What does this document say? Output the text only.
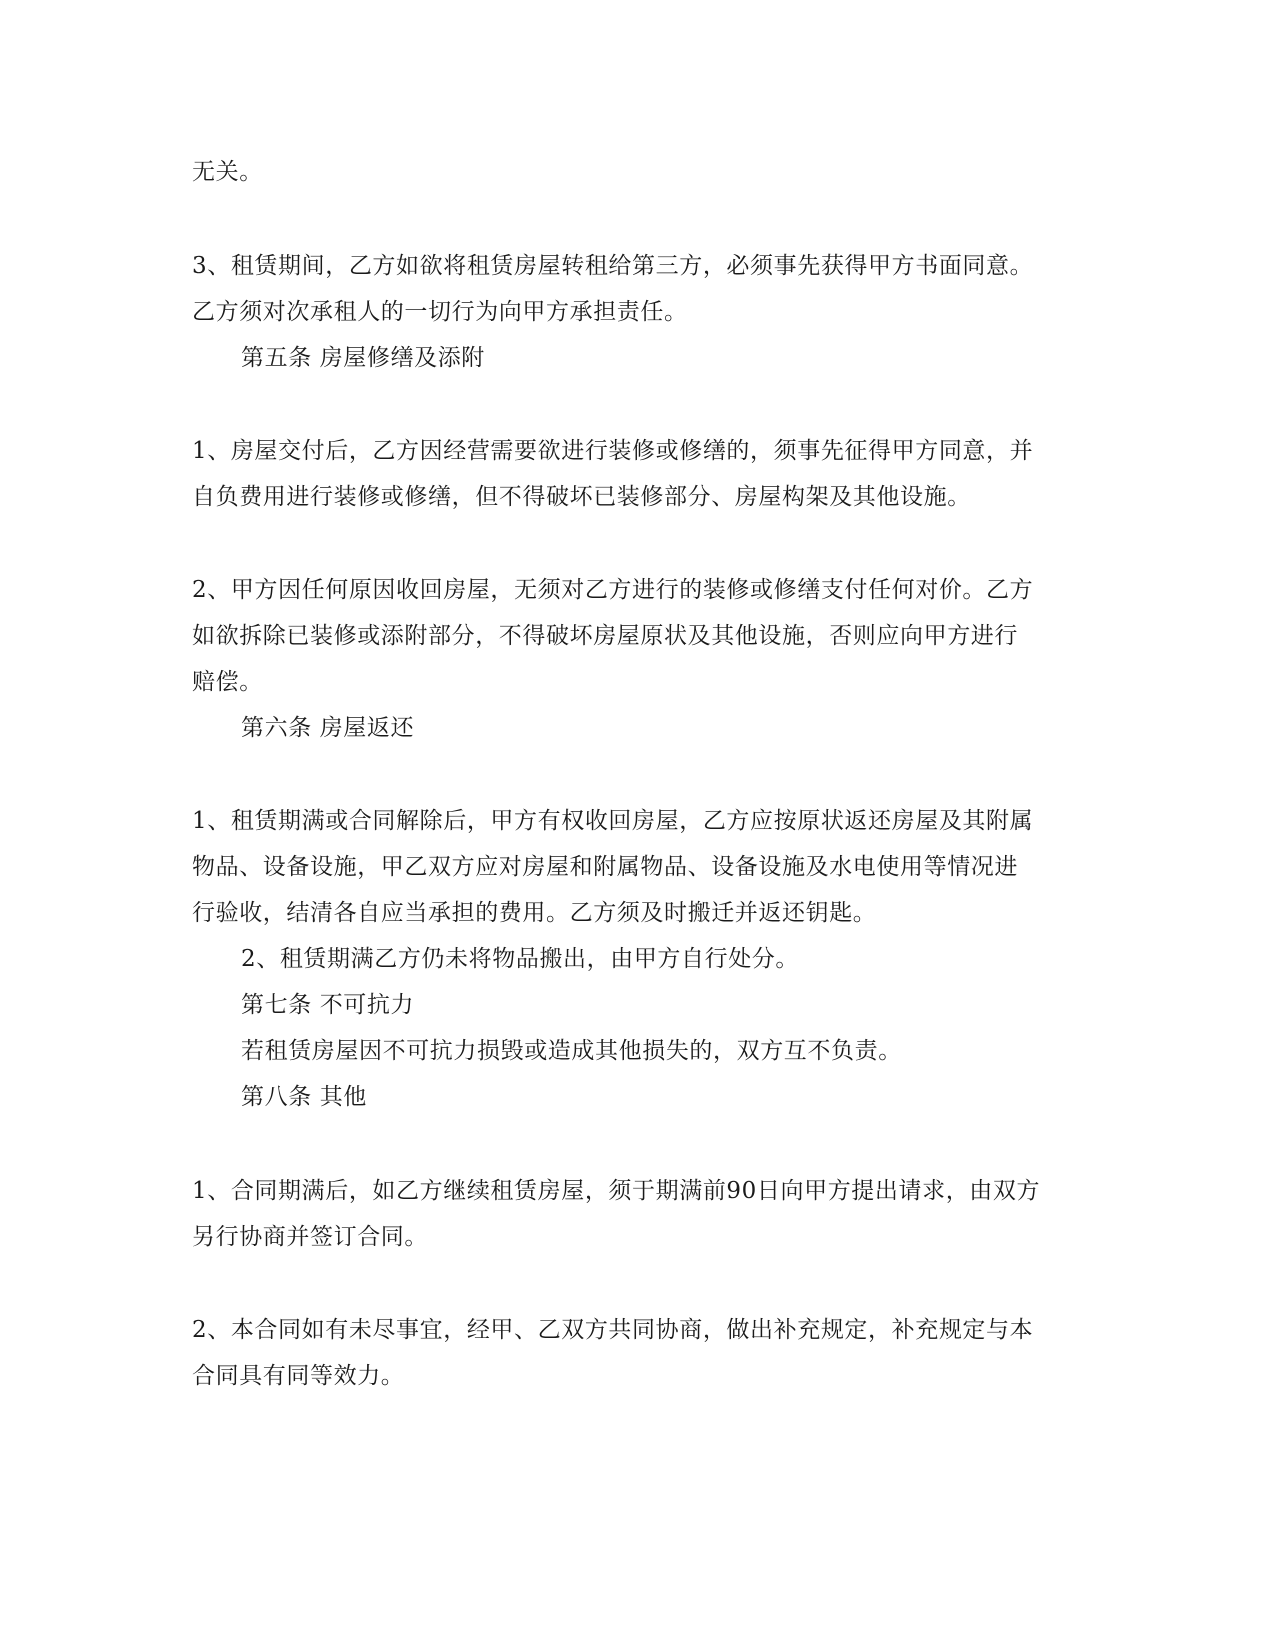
无关。

3、租赁期间，乙方如欲将租赁房屋转租给第三方，必须事先获得甲方书面同意。

乙方须对次承租人的一切行为向甲方承担责任。

第五条 房屋修缮及添附

1、房屋交付后，乙方因经营需要欲进行装修或修缮的，须事先征得甲方同意，并

自负费用进行装修或修缮，但不得破坏已装修部分、房屋构架及其他设施。

2、甲方因任何原因收回房屋，无须对乙方进行的装修或修缮支付任何对价。乙方

如欲拆除已装修或添附部分，不得破坏房屋原状及其他设施，否则应向甲方进行

赔偿。

第六条 房屋返还

1、租赁期满或合同解除后，甲方有权收回房屋，乙方应按原状返还房屋及其附属

物品、设备设施，甲乙双方应对房屋和附属物品、设备设施及水电使用等情况进

行验收，结清各自应当承担的费用。乙方须及时搬迁并返还钥匙。

2、租赁期满乙方仍未将物品搬出，由甲方自行处分。

第七条 不可抗力

若租赁房屋因不可抗力损毁或造成其他损失的，双方互不负责。

第八条 其他

1、合同期满后，如乙方继续租赁房屋，须于期满前90日向甲方提出请求，由双方

另行协商并签订合同。

2、本合同如有未尽事宜，经甲、乙双方共同协商，做出补充规定，补充规定与本

合同具有同等效力。
